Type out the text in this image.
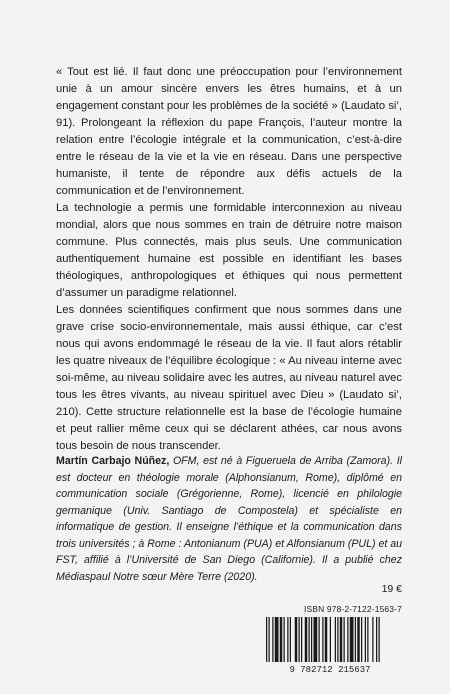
« Tout est lié. Il faut donc une préoccupation pour l’environnement unie à un amour sincère envers les êtres humains, et à un engagement constant pour les problèmes de la société » (Laudato si’, 91). Prolongeant la réflexion du pape François, l’auteur montre la relation entre l’écologie intégrale et la communication, c’est-à-dire entre le réseau de la vie et la vie en réseau. Dans une perspective humaniste, il tente de répondre aux défis actuels de la communication et de l’environnement.

La technologie a permis une formidable interconnexion au niveau mondial, alors que nous sommes en train de détruire notre maison commune. Plus connectés, mais plus seuls. Une communication authentiquement humaine est possible en identifiant les bases théologiques, anthropologiques et éthiques qui nous permettent d’assumer un paradigme relationnel.

Les données scientifiques confirment que nous sommes dans une grave crise socio-environnementale, mais aussi éthique, car c’est nous qui avons endommagé le réseau de la vie. Il faut alors rétablir les quatre niveaux de l’équilibre écologique : « Au niveau interne avec soi-même, au niveau solidaire avec les autres, au niveau naturel avec tous les êtres vivants, au niveau spirituel avec Dieu » (Laudato si’, 210). Cette structure relationnelle est la base de l’écologie humaine et peut rallier même ceux qui se déclarent athées, car nous avons tous besoin de nous transcender.

Martín Carbajo Núñez, OFM, est né à Figueruela de Arriba (Zamora). Il est docteur en théologie morale (Alphonsianum, Rome), diplômé en communication sociale (Grégorienne, Rome), licencié en philologie germanique (Univ. Santiago de Compostela) et spécialiste en informatique de gestion. Il enseigne l’éthique et la communication dans trois universités ; à Rome : Antonianum (PUA) et Alfonsianum (PUL) et au FST, affilié à l’Université de San Diego (Californie). Il a publié chez Médiaspaul Notre sœur Mère Terre (2020).
19 €
ISBN 978-2-7122-1563-7
9 782712 215637
